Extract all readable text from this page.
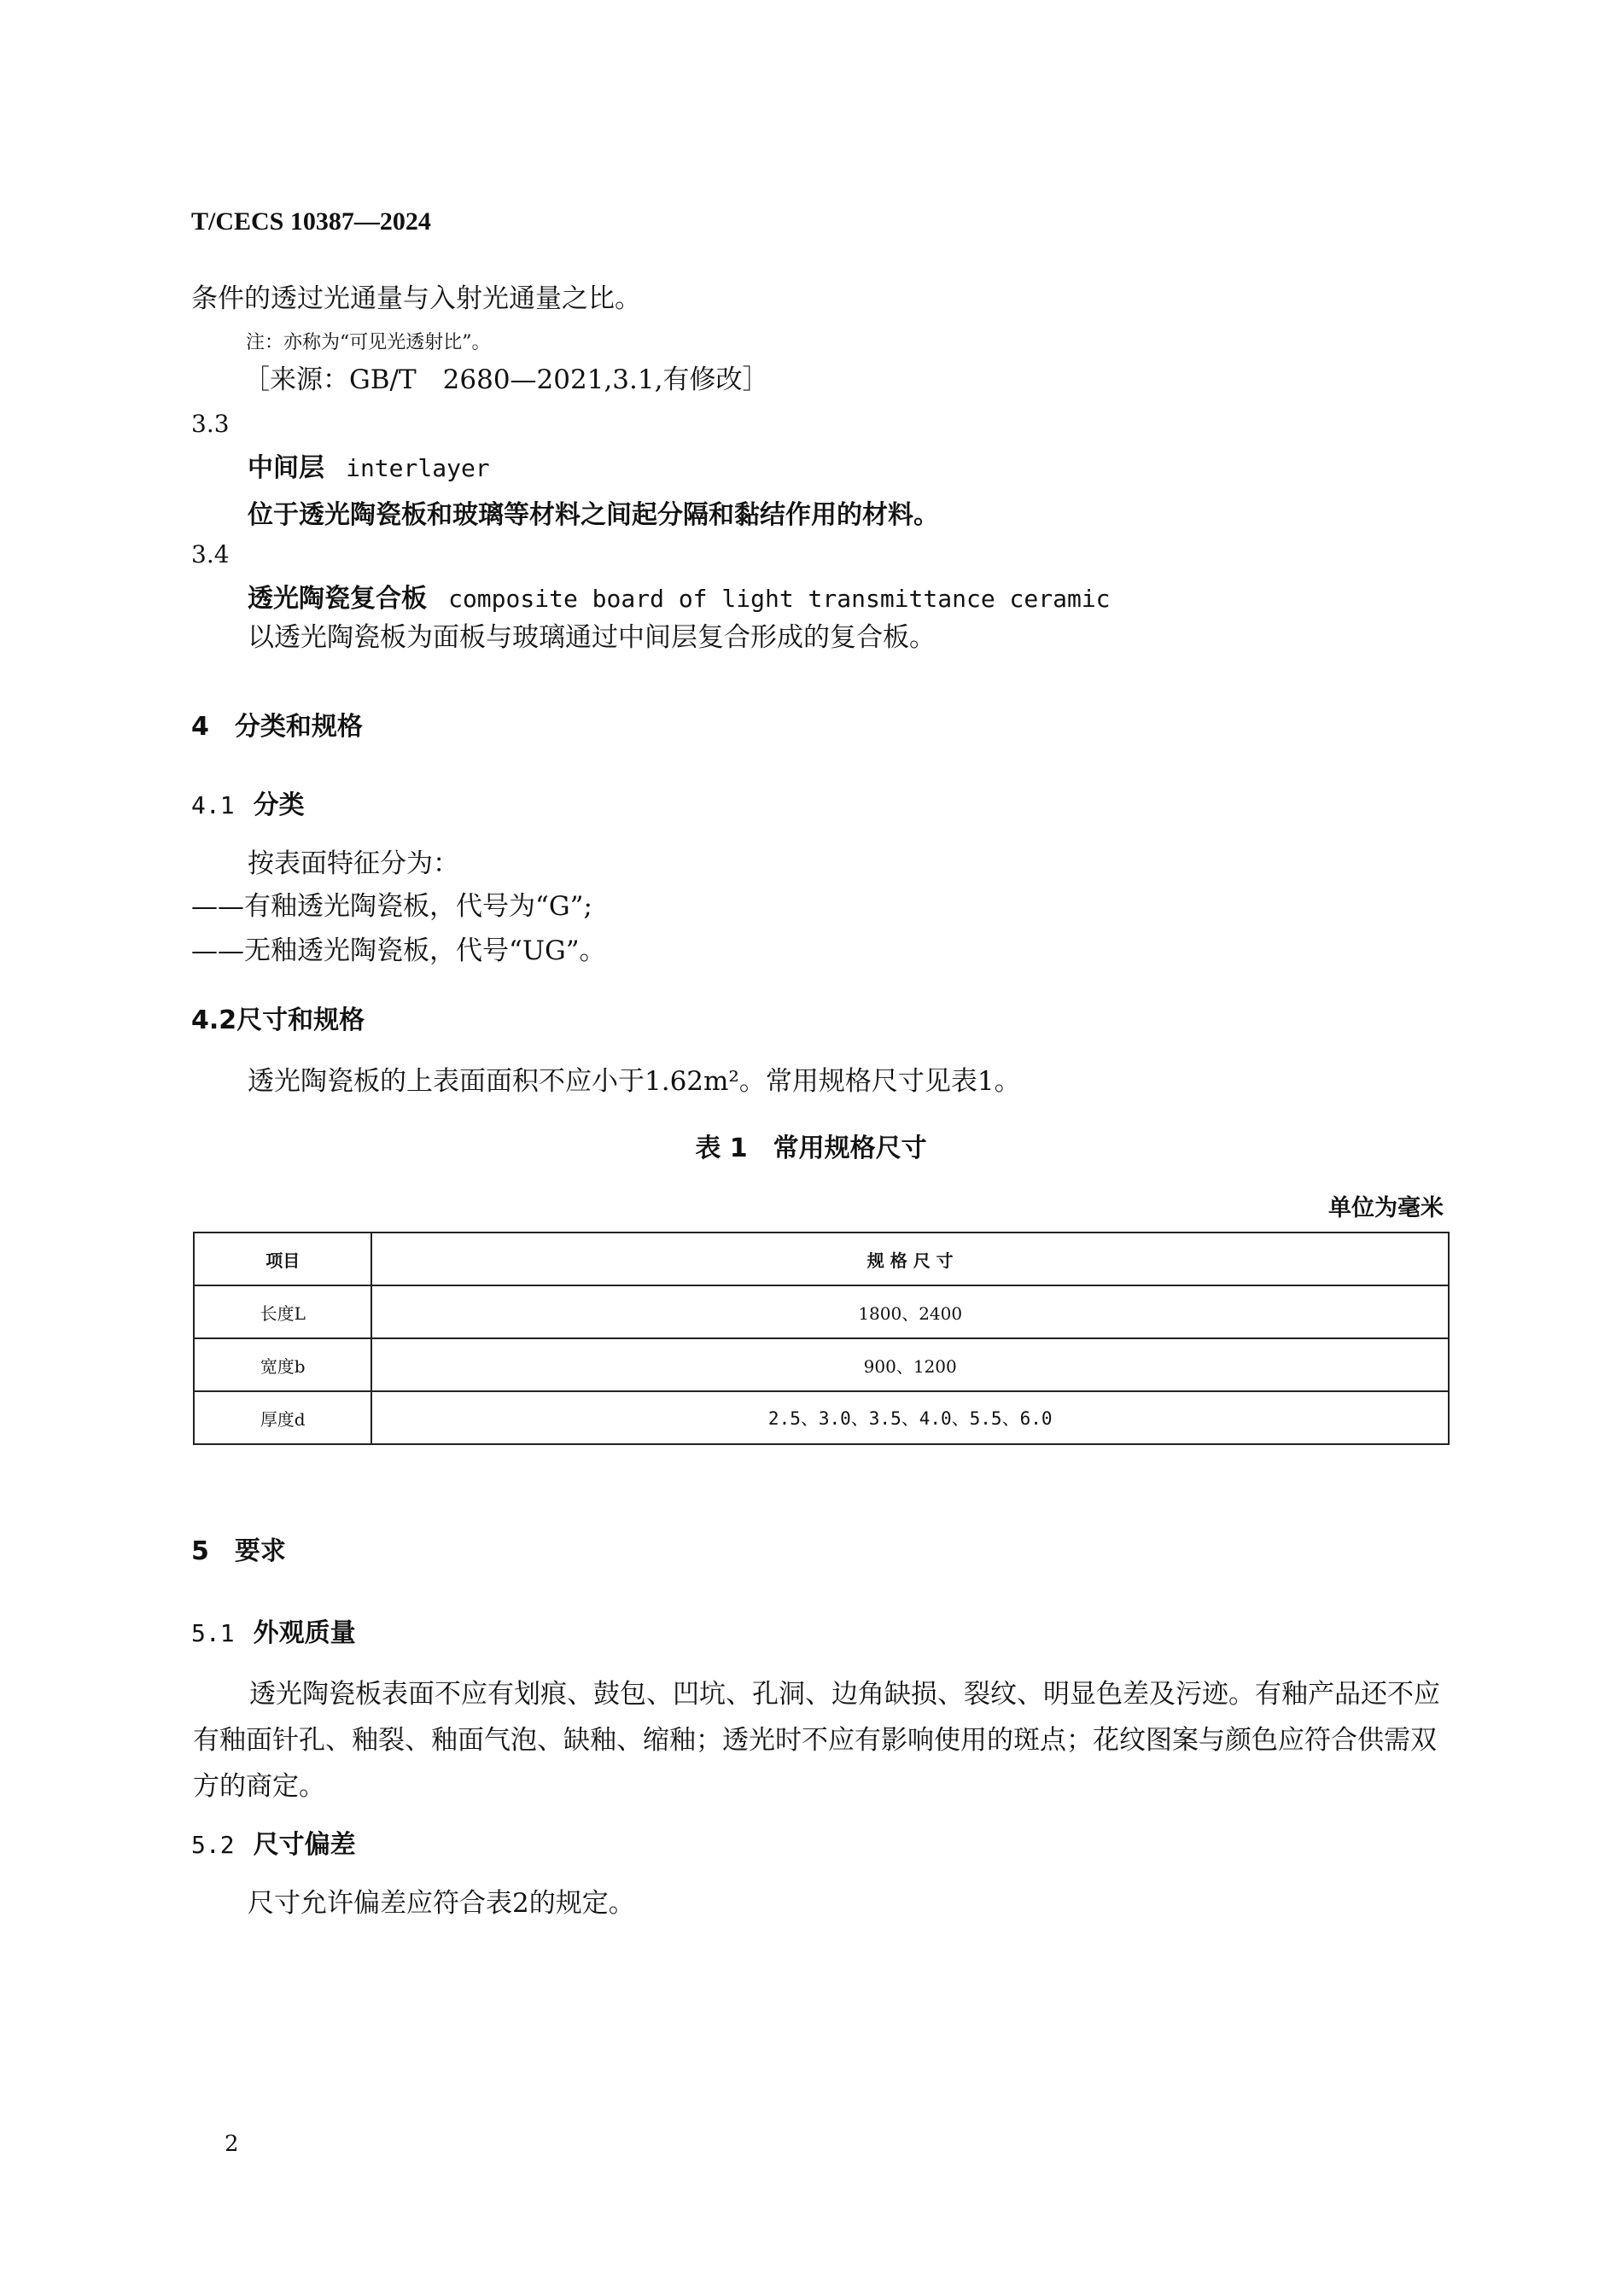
T/CECS 10387—2024
条件的透过光通量与入射光通量之比。
注：亦称为“可见光透射比”。
［来源：GB/T　2680—2021,3.1,有修改］
3.3
中间层 interlayer
位于透光陶瓷板和玻璃等材料之间起分隔和黏结作用的材料。
3.4
透光陶瓷复合板 composite board of light transmittance ceramic
以透光陶瓷板为面板与玻璃通过中间层复合形成的复合板。
4 分类和规格
4.1 分类
按表面特征分为：
——有釉透光陶瓷板，代号为“G”;
——无釉透光陶瓷板，代号“UG”。
4.2尺寸和规格
透光陶瓷板的上表面面积不应小于1.62m²。常用规格尺寸见表1。
表 1　常用规格尺寸
单位为毫米
项目	规 格 尺 寸
长度L	1800、2400
宽度b	900、1200
厚度d	2.5、3.0、3.5、4.0、5.5、6.0
5 要求
5.1 外观质量
透光陶瓷板表面不应有划痕、鼓包、凹坑、孔洞、边角缺损、裂纹、明显色差及污迹。有釉产品还不应有釉面针孔、釉裂、釉面气泡、缺釉、缩釉；透光时不应有影响使用的斑点；花纹图案与颜色应符合供需双方的商定。
5.2 尺寸偏差
尺寸允许偏差应符合表2的规定。
2
